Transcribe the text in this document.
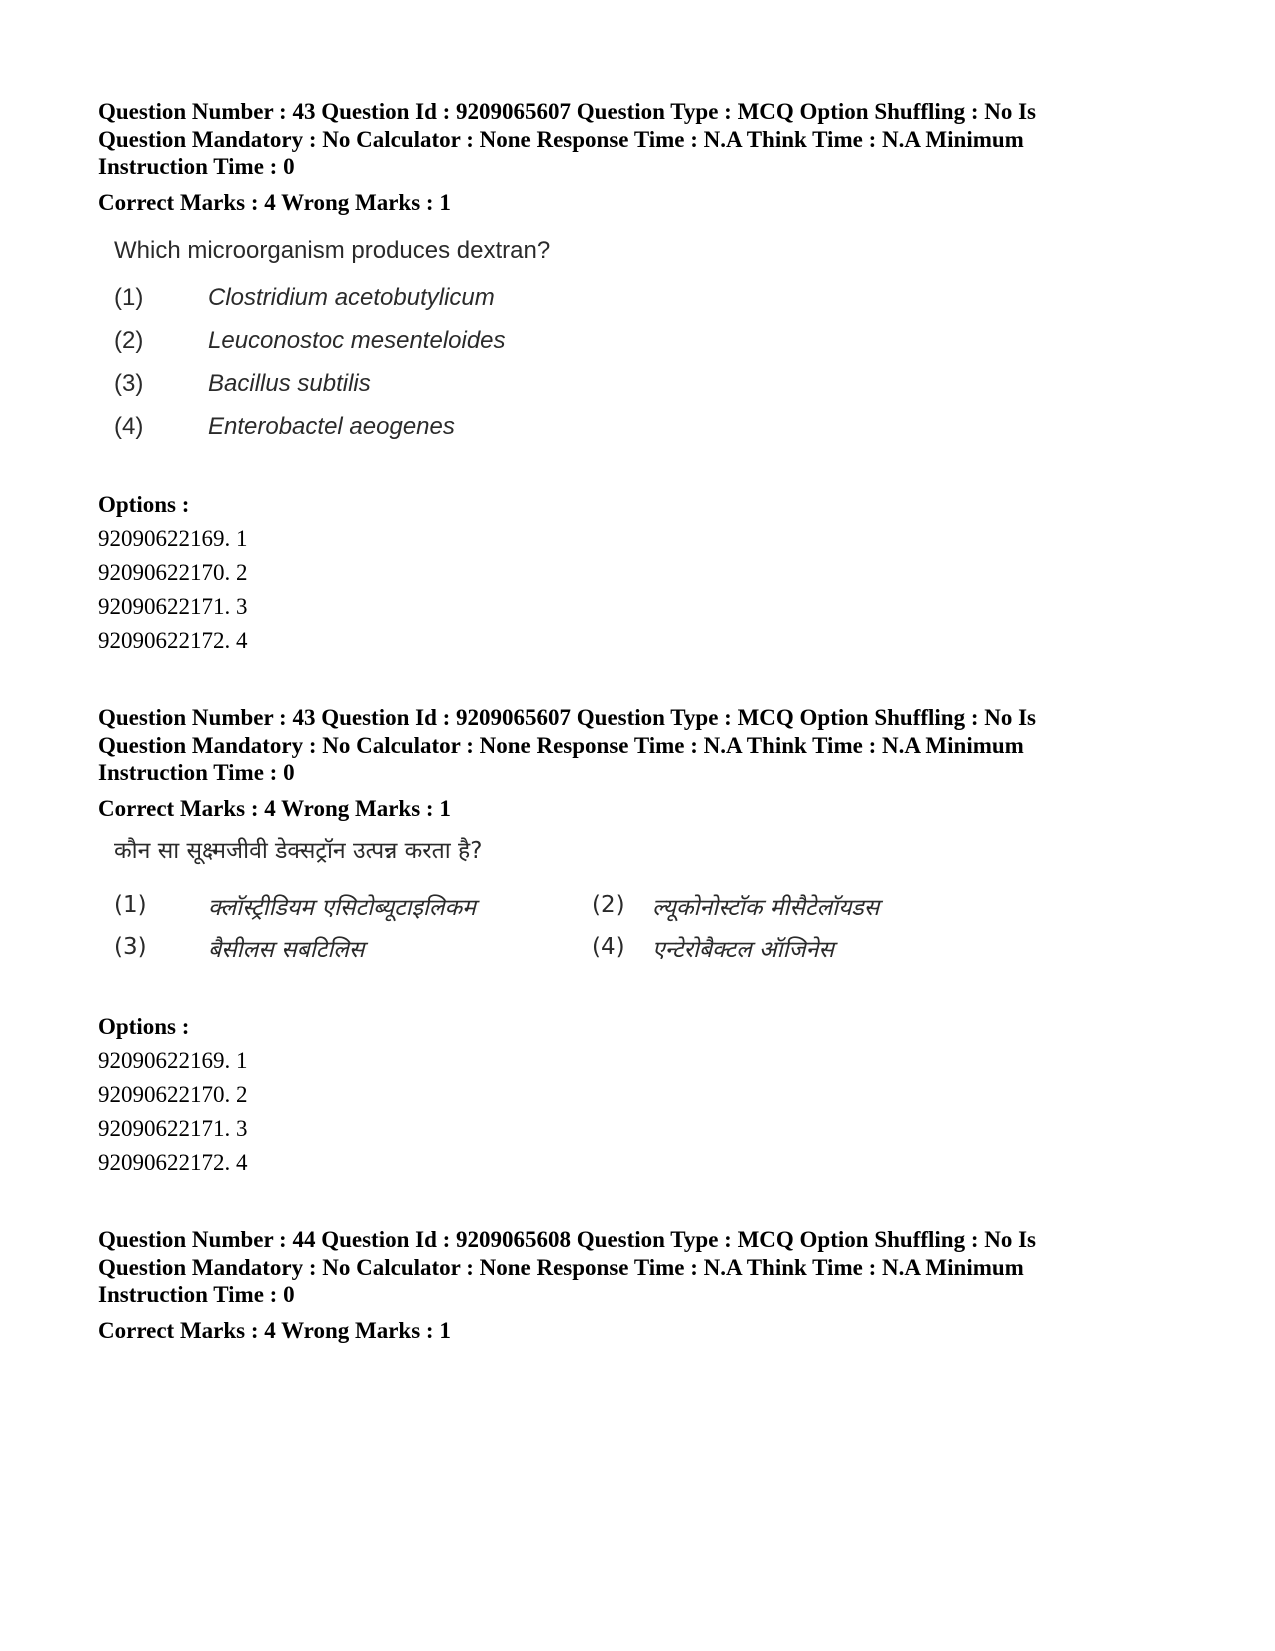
Question Number : 43 Question Id : 9209065607 Question Type : MCQ Option Shuffling : No Is
Question Mandatory : No Calculator : None Response Time : N.A Think Time : N.A Minimum
Instruction Time : 0
Correct Marks : 4 Wrong Marks : 1
Which microorganism produces dextran?
(1)	Clostridium acetobutylicum
(2)	Leuconostoc mesenteloides
(3)	Bacillus subtilis
(4)	Enterobactel aeogenes
Options :
92090622169. 1
92090622170. 2
92090622171. 3
92090622172. 4
Question Number : 43 Question Id : 9209065607 Question Type : MCQ Option Shuffling : No Is
Question Mandatory : No Calculator : None Response Time : N.A Think Time : N.A Minimum
Instruction Time : 0
Correct Marks : 4 Wrong Marks : 1
कौन सा सूक्ष्मजीवी डेक्सट्रॉन उत्पन्न करता है?
(1)	क्लॉस्ट्रीडियम एसिटोब्यूटाइलिकम	(2) ल्यूकोनोस्टॉक मीसैटेलॉयडस
(3)	बैसीलस सबटिलिस	(4) एन्टेरोबैक्टल ऑजिनेस
Options :
92090622169. 1
92090622170. 2
92090622171. 3
92090622172. 4
Question Number : 44 Question Id : 9209065608 Question Type : MCQ Option Shuffling : No Is
Question Mandatory : No Calculator : None Response Time : N.A Think Time : N.A Minimum
Instruction Time : 0
Correct Marks : 4 Wrong Marks : 1
